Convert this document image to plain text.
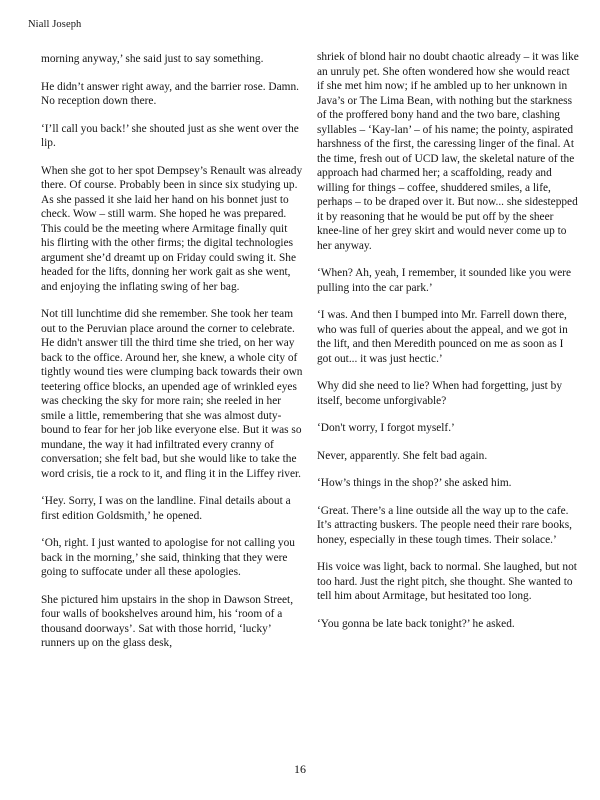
Niall Joseph

morning anyway,’ she said just to say something.

He didn’t answer right away, and the barrier rose. Damn. No reception down there.

‘I’ll call you back!’ she shouted just as she went over the lip.

When she got to her spot Dempsey’s Renault was already there. Of course. Probably been in since six studying up. As she passed it she laid her hand on his bonnet just to check. Wow – still warm. She hoped he was prepared. This could be the meeting where Armitage finally quit his flirting with the other firms; the digital technologies argument she’d dreamt up on Friday could swing it. She headed for the lifts, donning her work gait as she went, and enjoying the inflating swing of her bag.

Not till lunchtime did she remember. She took her team out to the Peruvian place around the corner to celebrate. He didn't answer till the third time she tried, on her way back to the office. Around her, she knew, a whole city of tightly wound ties were clumping back towards their own teetering office blocks, an upended age of wrinkled eyes was checking the sky for more rain; she reeled in her smile a little, remembering that she was almost duty-bound to fear for her job like everyone else. But it was so mundane, the way it had infiltrated every cranny of conversation; she felt bad, but she would like to take the word crisis, tie a rock to it, and fling it in the Liffey river.

‘Hey. Sorry, I was on the landline. Final details about a first edition Goldsmith,’ he opened.

‘Oh, right. I just wanted to apologise for not calling you back in the morning,’ she said, thinking that they were going to suffocate under all these apologies.

She pictured him upstairs in the shop in Dawson Street, four walls of bookshelves around him, his ‘room of a thousand doorways’. Sat with those horrid, ‘lucky’ runners up on the glass desk,

shriek of blond hair no doubt chaotic already – it was like an unruly pet. She often wondered how she would react if she met him now; if he ambled up to her unknown in Java’s or The Lima Bean, with nothing but the starkness of the proffered bony hand and the two bare, clashing syllables – ‘Kay-lan’ – of his name; the pointy, aspirated harshness of the first, the caressing linger of the final. At the time, fresh out of UCD law, the skeletal nature of the approach had charmed her; a scaffolding, ready and willing for things – coffee, shuddered smiles, a life, perhaps – to be draped over it. But now... she sidestepped it by reasoning that he would be put off by the sheer knee-line of her grey skirt and would never come up to her anyway.

‘When? Ah, yeah, I remember, it sounded like you were pulling into the car park.’

‘I was. And then I bumped into Mr. Farrell down there, who was full of queries about the appeal, and we got in the lift, and then Meredith pounced on me as soon as I got out... it was just hectic.’

Why did she need to lie? When had forgetting, just by itself, become unforgivable?

‘Don't worry, I forgot myself.’

Never, apparently. She felt bad again.

‘How’s things in the shop?’ she asked him.

‘Great. There’s a line outside all the way up to the cafe. It’s attracting buskers. The people need their rare books, honey, especially in these tough times. Their solace.’

His voice was light, back to normal. She laughed, but not too hard. Just the right pitch, she thought. She wanted to tell him about Armitage, but hesitated too long.

‘You gonna be late back tonight?’ he asked.

16
